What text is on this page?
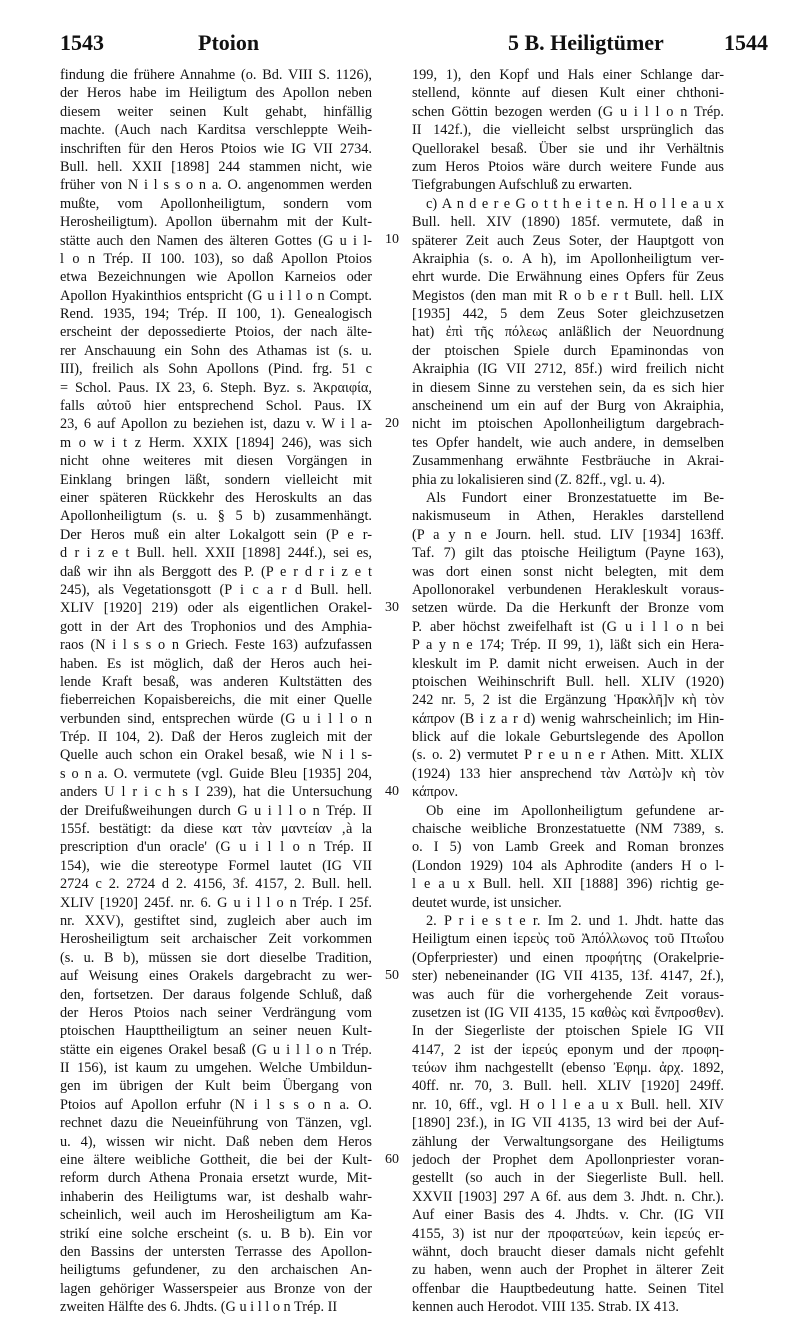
1543	Ptoion	5 B. Heiligtümer	1544
findung die frühere Annahme (o. Bd. VIII S. 1126),
der Heros habe im Heiligtum des Apollon neben
diesem weiter seinen Kult gehabt, hinfällig
machte. (Auch nach Karditsa verschleppte Weih-
inschriften für den Heros Ptoios wie IG VII 2734.
Bull. hell. XXII [1898] 244 stammen nicht, wie
früher von N i l s s o n a. O. angenommen werden
mußte, vom Apollonheiligtum, sondern vom
Herosheiligtum). Apollon übernahm mit der Kult-
stätte auch den Namen des älteren Gottes (G u i l-
l o n Trép. II 100. 103), so daß Apollon Ptoios
etwa Bezeichnungen wie Apollon Karneios oder
Apollon Hyakinthios entspricht (G u i l l o n Compt.
Rend. 1935, 194; Trép. II 100, 1). Genealogisch
erscheint der depossedierte Ptoios, der nach älte-
rer Anschauung ein Sohn des Athamas ist (s. u.
III), freilich als Sohn Apollons (Pind. frg. 51 c
= Schol. Paus. IX 23, 6. Steph. Byz. s. Ἀκραιφία,
falls αὐτοῦ hier entsprechend Schol. Paus. IX
23, 6 auf Apollon zu beziehen ist, dazu v. W i l a-
m o w i t z Herm. XXIX [1894] 246), was sich
nicht ohne weiteres mit diesen Vorgängen in
Einklang bringen läßt, sondern vielleicht mit
einer späteren Rückkehr des Heroskults an das
Apollonheiligtum (s. u. § 5 b) zusammenhängt.
Der Heros muß ein alter Lokalgott sein (P e r-
d r i z e t Bull. hell. XXII [1898] 244f.), sei es,
daß wir ihn als Berggott des P. (P e r d r i z e t
245), als Vegetationsgott (P i c a r d Bull. hell.
XLIV [1920] 219) oder als eigentlichen Orakel-
gott in der Art des Trophonios und des Amphia-
raos (N i l s s o n Griech. Feste 163) aufzufassen
haben. Es ist möglich, daß der Heros auch hei-
lende Kraft besaß, was anderen Kultstätten des
fieberreichen Kopaisbereichs, die mit einer Quelle
verbunden sind, entsprechen würde (G u i l l o n
Trép. II 104, 2). Daß der Heros zugleich mit der
Quelle auch schon ein Orakel besaß, wie N i l s-
s o n a. O. vermutete (vgl. Guide Bleu [1935] 204,
anders U l r i c h s I 239), hat die Untersuchung
der Dreifußweihungen durch G u i l l o n Trép. II
155f. bestätigt: da diese κατ τὰν μαντείαν ‚à la
prescription d'un oracle' (G u i l l o n Trép. II
154), wie die stereotype Formel lautet (IG VII
2724 c 2. 2724 d 2. 4156, 3f. 4157, 2. Bull. hell.
XLIV [1920] 245f. nr. 6. G u i l l o n Trép. I 25f.
nr. XXV), gestiftet sind, zugleich aber auch im
Herosheiligtum seit archaischer Zeit vorkommen
(s. u. B b), müssen sie dort dieselbe Tradition,
auf Weisung eines Orakels dargebracht zu wer-
den, fortsetzen. Der daraus folgende Schluß, daß
der Heros Ptoios nach seiner Verdrängung vom
ptoischen Haupttheiligtum an seiner neuen Kult-
stätte ein eigenes Orakel besaß (G u i l l o n Trép.
II 156), ist kaum zu umgehen. Welche Umbildun-
gen im übrigen der Kult beim Übergang von
Ptoios auf Apollon erfuhr (N i l s s o n a. O.
rechnet dazu die Neueinführung von Tänzen, vgl.
u. 4), wissen wir nicht. Daß neben dem Heros
eine ältere weibliche Gottheit, die bei der Kult-
reform durch Athena Pronaia ersetzt wurde, Mit-
inhaberin des Heiligtums war, ist deshalb wahr-
scheinlich, weil auch im Herosheiligtum am Ka-
strikí eine solche erscheint (s. u. B b). Ein vor
den Bassins der untersten Terrasse des Apollon-
heiligtums gefundener, zu den archaischen An-
lagen gehöriger Wasserspeier aus Bronze von der
zweiten Hälfte des 6. Jhdts. (G u i l l o n Trép. II
10
20
30
40
50
60
199, 1), den Kopf und Hals einer Schlange dar-
stellend, könnte auf diesen Kult einer chthoni-
schen Göttin bezogen werden (G u i l l o n Trép.
II 142f.), die vielleicht selbst ursprünglich das
Quellorakel besaß. Über sie und ihr Verhältnis
zum Heros Ptoios wäre durch weitere Funde aus
Tiefgrabungen Aufschluß zu erwarten.
c) A n d e r e G o t t h e i t e n. H o l l e a u x
Bull. hell. XIV (1890) 185f. vermutete, daß in
späterer Zeit auch Zeus Soter, der Hauptgott von
Akraiphia (s. o. A h), im Apollonheiligtum ver-
ehrt wurde. Die Erwähnung eines Opfers für Zeus
Megistos (den man mit R o b e r t Bull. hell. LIX
[1935] 442, 5 dem Zeus Soter gleichzusetzen
hat) ἐπὶ τῆς πόλεως anläßlich der Neuordnung
der ptoischen Spiele durch Epaminondas von
Akraiphia (IG VII 2712, 85f.) wird freilich nicht
in diesem Sinne zu verstehen sein, da es sich hier
anscheinend um ein auf der Burg von Akraiphia,
nicht im ptoischen Apollonheiligtum dargebrach-
tes Opfer handelt, wie auch andere, in demselben
Zusammenhang erwähnte Festbräuche in Akrai-
phia zu lokalisieren sind (Z. 82ff., vgl. u. 4).
Als Fundort einer Bronzestatuette im Be-
nakismuseum in Athen, Herakles darstellend
(P a y n e Journ. hell. stud. LIV [1934] 163ff.
Taf. 7) gilt das ptoische Heiligtum (Payne 163),
was dort einen sonst nicht belegten, mit dem
Apollonorakel verbundenen Herakleskult voraus-
setzen würde. Da die Herkunft der Bronze vom
P. aber höchst zweifelhaft ist (G u i l l o n bei
P a y n e 174; Trép. II 99, 1), läßt sich ein Hera-
kleskult im P. damit nicht erweisen. Auch in der
ptoischen Weihinschrift Bull. hell. XLIV (1920)
242 nr. 5, 2 ist die Ergänzung Ἡρακλῆ]ν κὴ τὸν
κάπρον (B i z a r d) wenig wahrscheinlich; im Hin-
blick auf die lokale Geburtslegende des Apollon
(s. o. 2) vermutet P r e u n e r Athen. Mitt. XLIX
(1924) 133 hier ansprechend τὰν Λατὼ]ν κὴ τὸν
κάπρον.
Ob eine im Apollonheiligtum gefundene ar-
chaische weibliche Bronzestatuette (NM 7389, s.
o. I 5) von Lamb Greek and Roman bronzes
(London 1929) 104 als Aphrodite (anders H o l-
l e a u x Bull. hell. XII [1888] 396) richtig ge-
deutet wurde, ist unsicher.
2. P r i e s t e r. Im 2. und 1. Jhdt. hatte das
Heiligtum einen ἱερεὺς τοῦ Ἀπόλλωνος τοῦ Πτωΐου
(Opferpriester) und einen προφήτης (Orakelprie-
ster) nebeneinander (IG VII 4135, 13f. 4147, 2f.),
was auch für die vorhergehende Zeit voraus-
zusetzen ist (IG VII 4135, 15 καθὼς καὶ ἔνπροσθεν).
In der Siegerliste der ptoischen Spiele IG VII
4147, 2 ist der ἱερεύς eponym und der προφη-
τεύων ihm nachgestellt (ebenso Ἐφημ. ἀρχ. 1892,
40ff. nr. 70, 3. Bull. hell. XLIV [1920] 249ff.
nr. 10, 6ff., vgl. H o l l e a u x Bull. hell. XIV
[1890] 23f.), in IG VII 4135, 13 wird bei der Auf-
zählung der Verwaltungsorgane des Heiligtums
jedoch der Prophet dem Apollonpriester voran-
gestellt (so auch in der Siegerliste Bull. hell.
XXVII [1903] 297 A 6f. aus dem 3. Jhdt. n. Chr.).
Auf einer Basis des 4. Jhdts. v. Chr. (IG VII
4155, 3) ist nur der προφατεύων, kein ἱερεύς er-
wähnt, doch braucht dieser damals nicht gefehlt
zu haben, wenn auch der Prophet in älterer Zeit
offenbar die Hauptbedeutung hatte. Seinen Titel
kennen auch Herodot. VIII 135. Strab. IX 413.
